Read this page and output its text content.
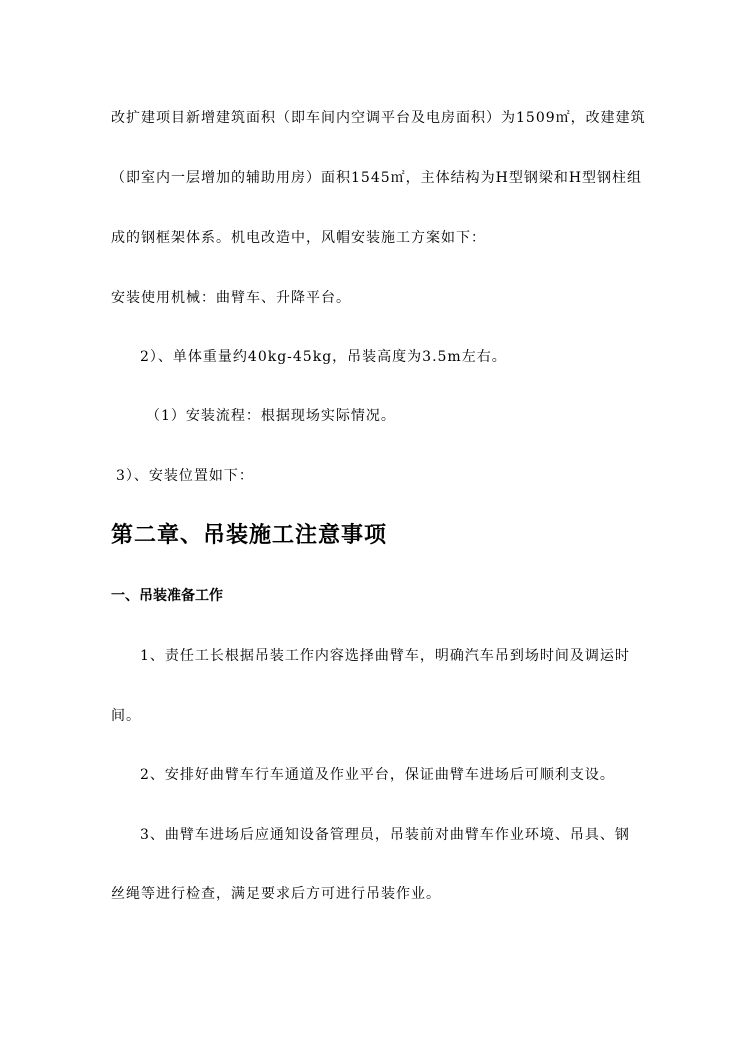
改扩建项目新增建筑面积（即车间内空调平台及电房面积）为1509㎡，改建建筑
（即室内一层增加的辅助用房）面积1545㎡，主体结构为H型钢梁和H型钢柱组
成的钢框架体系。机电改造中，风帽安装施工方案如下：
安装使用机械：曲臂车、升降平台。
2）、单体重量约40kg-45kg，吊装高度为3.5m左右。
（1）安装流程：根据现场实际情况。
3）、安装位置如下：
第二章、吊装施工注意事项
一、吊装准备工作
1、责任工长根据吊装工作内容选择曲臂车，明确汽车吊到场时间及调运时
间。
2、安排好曲臂车行车通道及作业平台，保证曲臂车进场后可顺利支设。
3、曲臂车进场后应通知设备管理员，吊装前对曲臂车作业环境、吊具、钢
丝绳等进行检查，满足要求后方可进行吊装作业。
